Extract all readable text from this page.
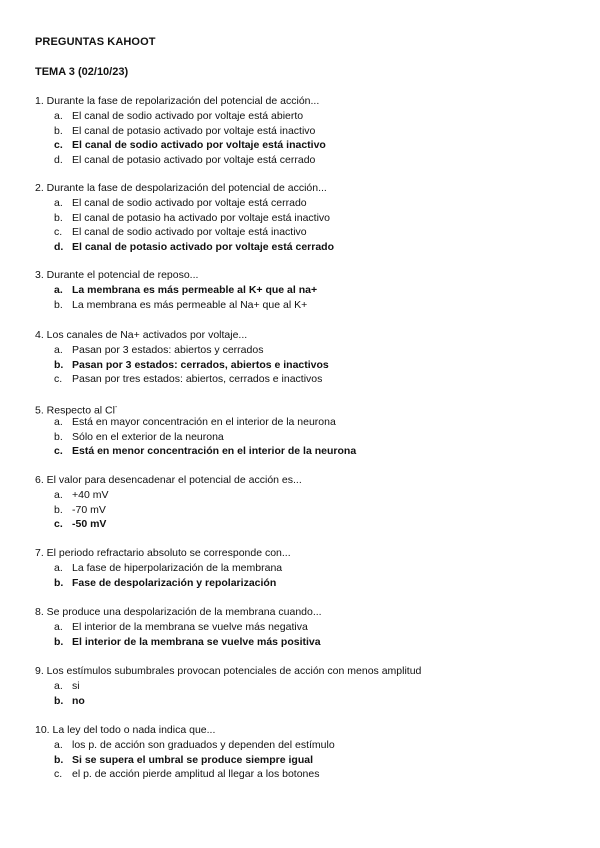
PREGUNTAS KAHOOT
TEMA 3 (02/10/23)
1. Durante la fase de repolarización del potencial de acción...
a. El canal de sodio activado por voltaje está abierto
b. El canal de potasio activado por voltaje está inactivo
c. El canal de sodio activado por voltaje está inactivo
d. El canal de potasio activado por voltaje está cerrado
2. Durante la fase de despolarización del potencial de acción...
a. El canal de sodio activado por voltaje está cerrado
b. El canal de potasio ha activado por voltaje está inactivo
c. El canal de sodio activado por voltaje está inactivo
d. El canal de potasio activado por voltaje está cerrado
3. Durante el potencial de reposo...
a. La membrana es más permeable al K+ que al na+
b. La membrana es más permeable al Na+ que al K+
4. Los canales de Na+ activados por voltaje...
a. Pasan por 3 estados: abiertos y cerrados
b. Pasan por 3 estados: cerrados, abiertos e inactivos
c. Pasan por tres estados: abiertos, cerrados e inactivos
5. Respecto al Cl-
a. Está en mayor concentración en el interior de la neurona
b. Sólo en el exterior de la neurona
c. Está en menor concentración en el interior de la neurona
6. El valor para desencadenar el potencial de acción es...
a. +40 mV
b. -70 mV
c. -50 mV
7. El periodo refractario absoluto se corresponde con...
a. La fase de hiperpolarización de la membrana
b. Fase de despolarización y repolarización
8. Se produce una despolarización de la membrana cuando...
a. El interior de la membrana se vuelve más negativa
b. El interior de la membrana se vuelve más positiva
9. Los estímulos subumbrales provocan potenciales de acción con menos amplitud
a. si
b. no
10. La ley del todo o nada indica que...
a. los p. de acción son graduados y dependen del estímulo
b. Si se supera el umbral se produce siempre igual
c. el p. de acción pierde amplitud al llegar a los botones
